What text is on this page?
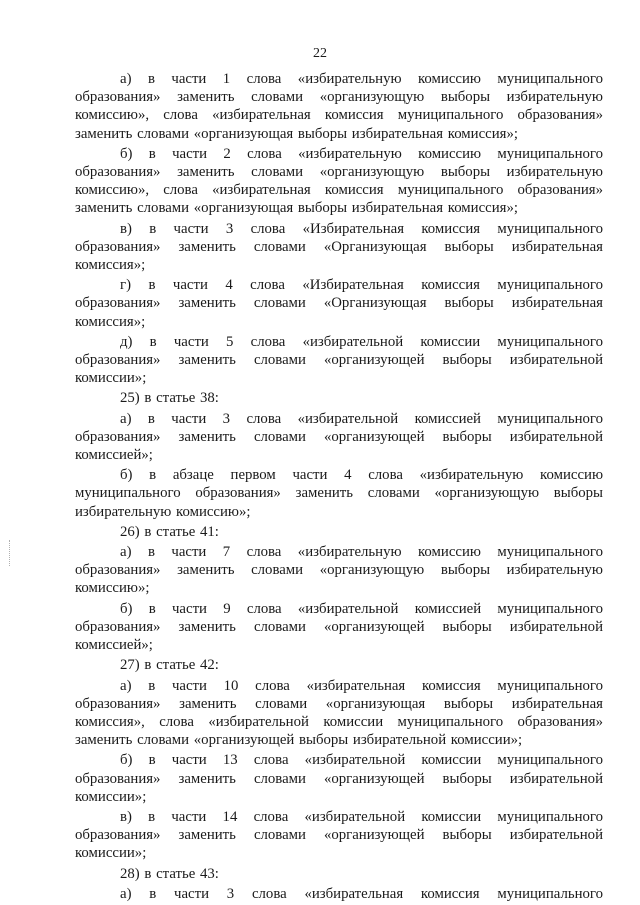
22

а) в части 1 слова «избирательную комиссию муниципального образования» заменить словами «организующую выборы избирательную комиссию», слова «избирательная комиссия муниципального образования» заменить словами «организующая выборы избирательная комиссия»;

б) в части 2 слова «избирательную комиссию муниципального образования» заменить словами «организующую выборы избирательную комиссию», слова «избирательная комиссия муниципального образования» заменить словами «организующая выборы избирательная комиссия»;

в) в части 3 слова «Избирательная комиссия муниципального образования» заменить словами «Организующая выборы избирательная комиссия»;

г) в части 4 слова «Избирательная комиссия муниципального образования» заменить словами «Организующая выборы избирательная комиссия»;

д) в части 5 слова «избирательной комиссии муниципального образования» заменить словами «организующей выборы избирательной комиссии»;

25) в статье 38:

а) в части 3 слова «избирательной комиссией муниципального образования» заменить словами «организующей выборы избирательной комиссией»;

б) в абзаце первом части 4 слова «избирательную комиссию муниципального образования» заменить словами «организующую выборы избирательную комиссию»;

26) в статье 41:

а) в части 7 слова «избирательную комиссию муниципального образования» заменить словами «организующую выборы избирательную комиссию»;

б) в части 9 слова «избирательной комиссией муниципального образования» заменить словами «организующей выборы избирательной комиссией»;

27) в статье 42:

а) в части 10 слова «избирательная комиссия муниципального образования» заменить словами «организующая выборы избирательная комиссия», слова «избирательной комиссии муниципального образования» заменить словами «организующей выборы избирательной комиссии»;

б) в части 13 слова «избирательной комиссии муниципального образования» заменить словами «организующей выборы избирательной комиссии»;

в) в части 14 слова «избирательной комиссии муниципального образования» заменить словами «организующей выборы избирательной комиссии»;

28) в статье 43:

а) в части 3 слова «избирательная комиссия муниципального
